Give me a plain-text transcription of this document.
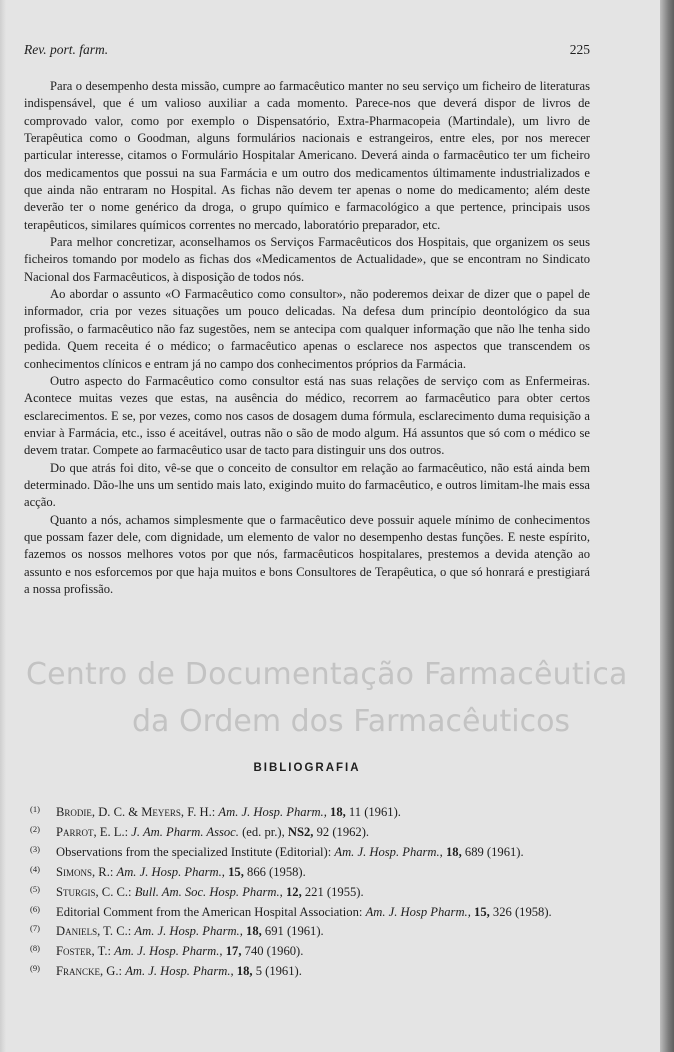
Rev. port. farm.	225

Para o desempenho desta missão, cumpre ao farmacêutico manter no seu serviço um ficheiro de literaturas indispensável, que é um valioso auxiliar a cada momento. Parece-nos que deverá dispor de livros de comprovado valor, como por exemplo o Dispensatório, Extra-Pharmacopeia (Martindale), um livro de Terapêutica como o Goodman, alguns formulários nacionais e estrangeiros, entre eles, por nos merecer particular interesse, citamos o Formulário Hospitalar Americano. Deverá ainda o farmacêutico ter um ficheiro dos medicamentos que possui na sua Farmácia e um outro dos medicamentos últimamente industrializados e que ainda não entraram no Hospital. As fichas não devem ter apenas o nome do medicamento; além deste deverão ter o nome genérico da droga, o grupo químico e farmacológico a que pertence, principais usos terapêuticos, similares químicos correntes no mercado, laboratório preparador, etc.

Para melhor concretizar, aconselhamos os Serviços Farmacêuticos dos Hospitais, que organizem os seus ficheiros tomando por modelo as fichas dos «Medicamentos de Actualidade», que se encontram no Sindicato Nacional dos Farmacêuticos, à disposição de todos nós.

Ao abordar o assunto «O Farmacêutico como consultor», não poderemos deixar de dizer que o papel de informador, cria por vezes situações um pouco delicadas. Na defesa dum princípio deontológico da sua profissão, o farmacêutico não faz sugestões, nem se antecipa com qualquer informação que não lhe tenha sido pedida. Quem receita é o médico; o farmacêutico apenas o esclarece nos aspectos que transcendem os conhecimentos clínicos e entram já no campo dos conhecimentos próprios da Farmácia.

Outro aspecto do Farmacêutico como consultor está nas suas relações de serviço com as Enfermeiras. Acontece muitas vezes que estas, na ausência do médico, recorrem ao farmacêutico para obter certos esclarecimentos. E se, por vezes, como nos casos de dosagem duma fórmula, esclarecimento duma requisição a enviar à Farmácia, etc., isso é aceitável, outras não o são de modo algum. Há assuntos que só com o médico se devem tratar. Compete ao farmacêutico usar de tacto para distinguir uns dos outros.

Do que atrás foi dito, vê-se que o conceito de consultor em relação ao farmacêutico, não está ainda bem determinado. Dão-lhe uns um sentido mais lato, exigindo muito do farmacêutico, e outros limitam-lhe mais essa acção.

Quanto a nós, achamos simplesmente que o farmacêutico deve possuir aquele mínimo de conhecimentos que possam fazer dele, com dignidade, um elemento de valor no desempenho destas funções. E neste espírito, fazemos os nossos melhores votos por que nós, farmacêuticos hospitalares, prestemos a devida atenção ao assunto e nos esforcemos por que haja muitos e bons Consultores de Terapêutica, o que só honrará e prestigiará a nossa profissão.

Centro de Documentação Farmacêutica
da Ordem dos Farmacêuticos
BIBLIOGRAFIA
(1) Brodie, D. C. & Meyers, F. H.: Am. J. Hosp. Pharm., 18, 11 (1961).
(2) Parrot, E. L.: J. Am. Pharm. Assoc. (ed. pr.), NS2, 92 (1962).
(3) Observations from the specialized Institute (Editorial): Am. J. Hosp. Pharm., 18, 689 (1961).
(4) Simons, R.: Am. J. Hosp. Pharm., 15, 866 (1958).
(5) Sturgis, C. C.: Bull. Am. Soc. Hosp. Pharm., 12, 221 (1955).
(6) Editorial Comment from the American Hospital Association: Am. J. Hosp Pharm., 15, 326 (1958).
(7) Daniels, T. C.: Am. J. Hosp. Pharm., 18, 691 (1961).
(8) Foster, T.: Am. J. Hosp. Pharm., 17, 740 (1960).
(9) Francke, G.: Am. J. Hosp. Pharm., 18, 5 (1961).
